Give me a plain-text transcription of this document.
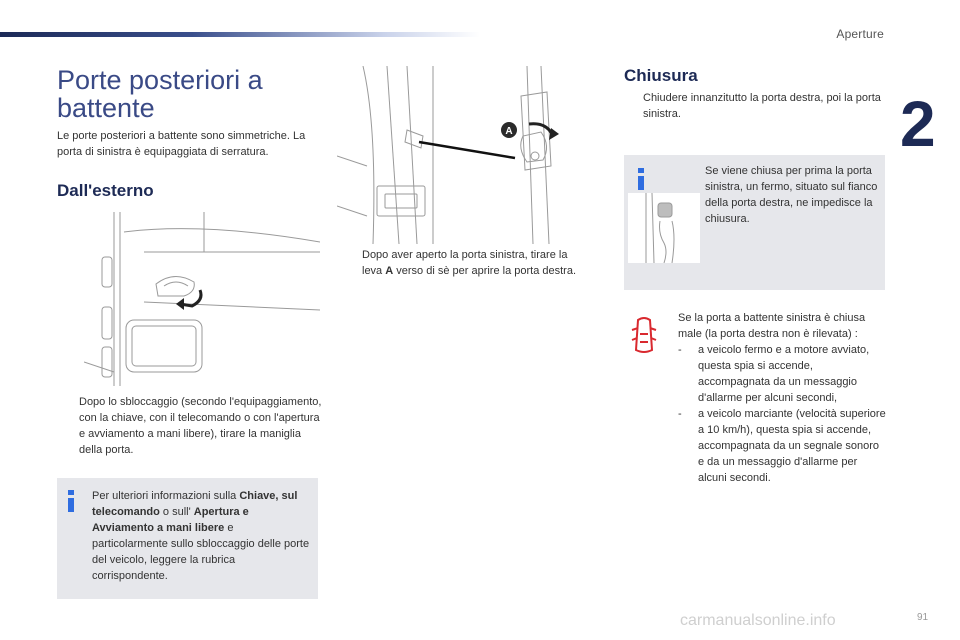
Aperture
2
Porte posteriori a battente
Le porte posteriori a battente sono simmetriche. La porta di sinistra è equipaggiata di serratura.
Dall'esterno
A
Dopo lo sbloccaggio (secondo l'equipaggiamento, con la chiave, con il telecomando o con l'apertura e avviamento a mani libere), tirare la maniglia della porta.
Dopo aver aperto la porta sinistra, tirare la leva A verso di sè per aprire la porta destra.
Per ulteriori informazioni sulla Chiave, sul telecomando o sull' Apertura e Avviamento a mani libere e particolarmente sullo sbloccaggio delle porte del veicolo, leggere la rubrica corrispondente.
Chiusura
Chiudere innanzitutto la porta destra, poi la porta sinistra.
Se viene chiusa per prima la porta sinistra, un fermo, situato sul fianco della porta destra, ne impedisce la chiusura.
Se la porta a battente sinistra è chiusa male (la porta destra non è rilevata) :
- a veicolo fermo e a motore avviato, questa spia si accende, accompagnata da un messaggio d'allarme per alcuni secondi,
- a veicolo marciante (velocità superiore a 10 km/h), questa spia si accende, accompagnata da un segnale sonoro e da un messaggio d'allarme per alcuni secondi.
91
carmanualsonline.info
